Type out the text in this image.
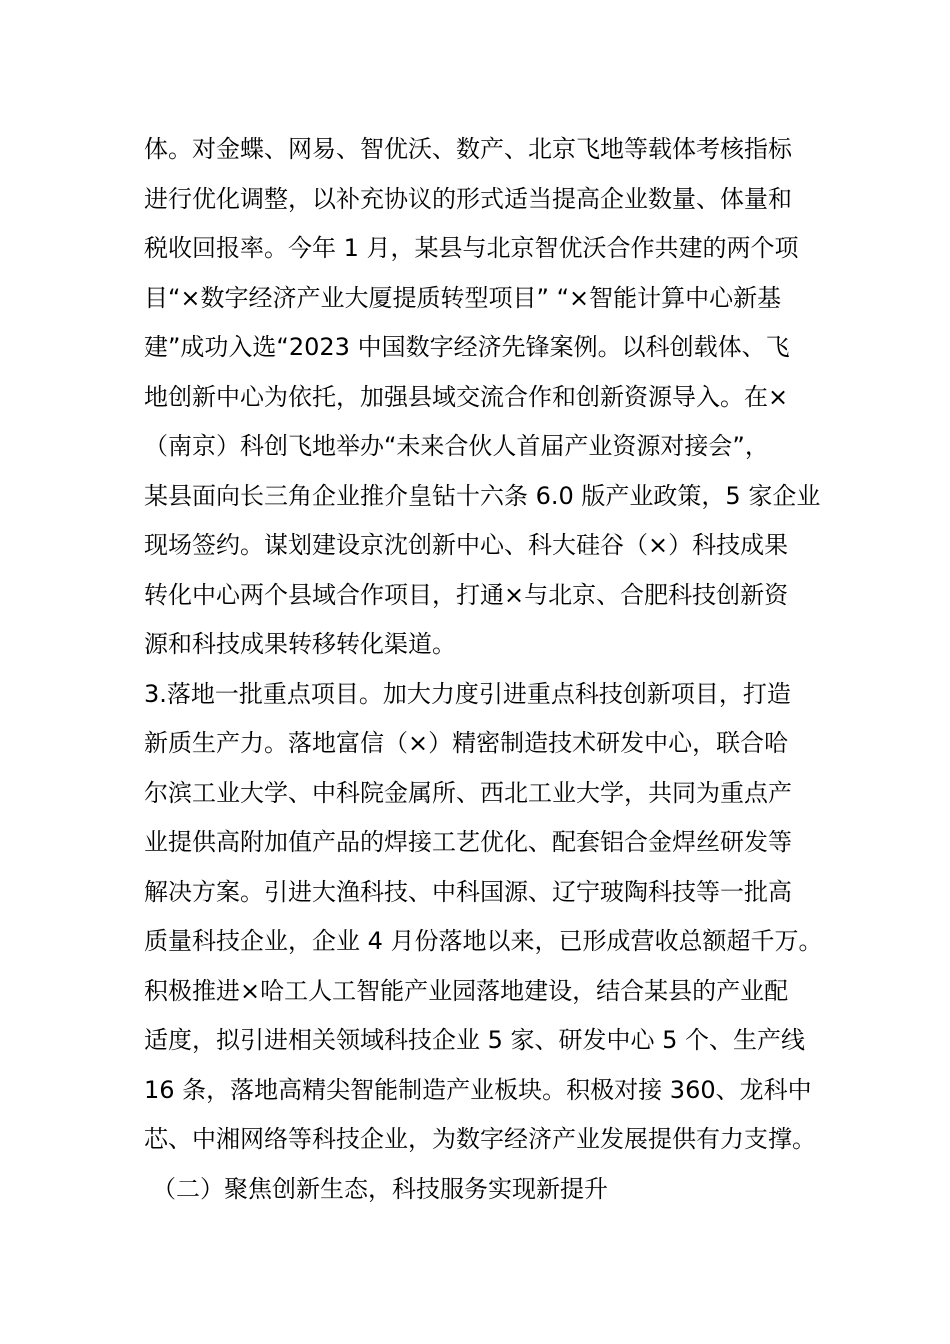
体。对金蝶、网易、智优沃、数产、北京飞地等载体考核指标
进行优化调整，以补充协议的形式适当提高企业数量、体量和
税收回报率。今年 1 月，某县与北京智优沃合作共建的两个项
目“×数字经济产业大厦提质转型项目” “×智能计算中心新基
建”成功入选“2023 中国数字经济先锋案例。以科创载体、飞
地创新中心为依托，加强县域交流合作和创新资源导入。在×
（南京）科创飞地举办“未来合伙人首届产业资源对接会”，
某县面向长三角企业推介皇钻十六条 6.0 版产业政策，5 家企业
现场签约。谋划建设京沈创新中心、科大硅谷（×）科技成果
转化中心两个县域合作项目，打通×与北京、合肥科技创新资
源和科技成果转移转化渠道。
3.落地一批重点项目。加大力度引进重点科技创新项目，打造
新质生产力。落地富信（×）精密制造技术研发中心，联合哈
尔滨工业大学、中科院金属所、西北工业大学，共同为重点产
业提供高附加值产品的焊接工艺优化、配套铝合金焊丝研发等
解决方案。引进大渔科技、中科国源、辽宁玻陶科技等一批高
质量科技企业，企业 4 月份落地以来，已形成营收总额超千万。
积极推进×哈工人工智能产业园落地建设，结合某县的产业配
适度，拟引进相关领域科技企业 5 家、研发中心 5 个、生产线
16 条，落地高精尖智能制造产业板块。积极对接 360、龙科中
芯、中湘网络等科技企业，为数字经济产业发展提供有力支撑。
（二）聚焦创新生态，科技服务实现新提升
